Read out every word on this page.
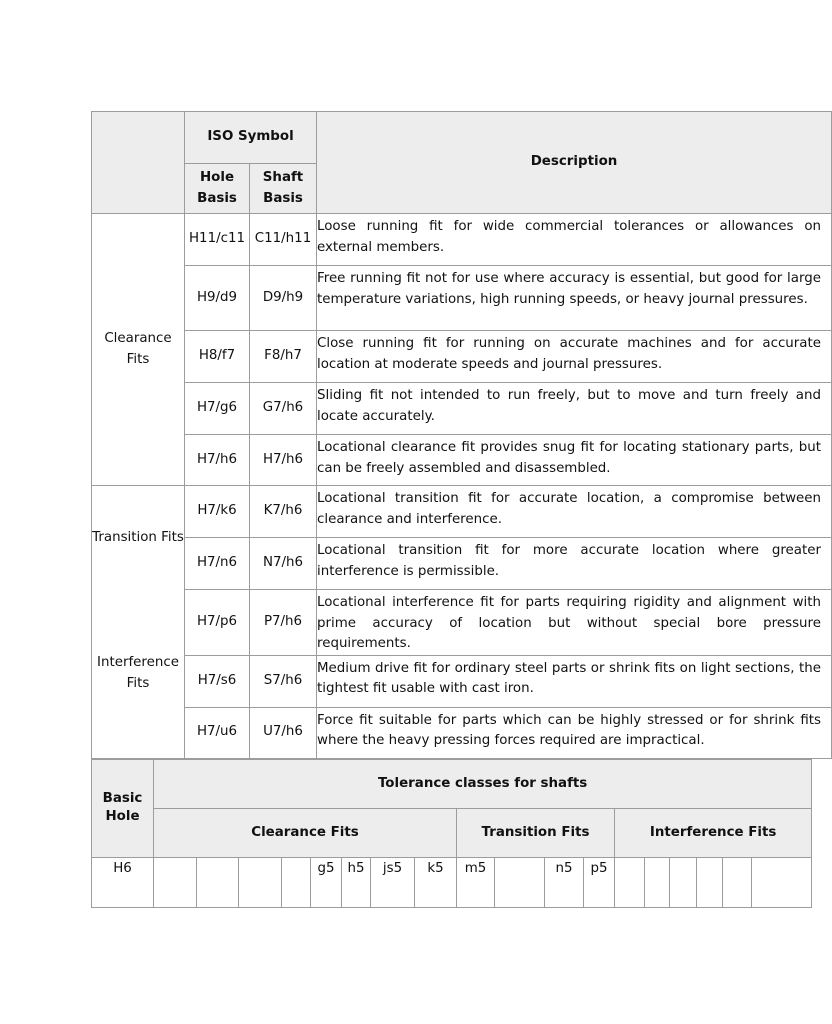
	ISO Symbol		Description
	Hole Basis	Shaft Basis	
Clearance Fits	H11/c11	C11/h11	Loose running fit for wide commercial tolerances or allowances on external members.

	H9/d9	D9/h9	Free running fit not for use where accuracy is essential, but good for large temperature variations, high running speeds, or heavy journal pressures.

	H8/f7	F8/h7	Close running fit for running on accurate machines and for accurate location at moderate speeds and journal pressures.

	H7/g6	G7/h6	Sliding fit not intended to run freely, but to move and turn freely and locate accurately.

	H7/h6	H7/h6	Locational clearance fit provides snug fit for locating stationary parts, but can be freely assembled and disassembled.

Transition Fits	H7/k6	K7/h6	Locational transition fit for accurate location, a compromise between clearance and interference.

	H7/n6	N7/h6	Locational transition fit for more accurate location where greater interference is permissible.

Interference Fits	H7/p6	P7/h6	Locational interference fit for parts requiring rigidity and alignment with prime accuracy of location but without special bore pressure requirements.

	H7/s6	S7/h6	Medium drive fit for ordinary steel parts or shrink fits on light sections, the tightest fit usable with cast iron.

	H7/u6	U7/h6	Force fit suitable for parts which can be highly stressed or for shrink fits where the heavy pressing forces required are impractical.
Basic Hole	Tolerance classes for shafts																	
	Clearance Fits								Transition Fits				Interference Fits					
H6					g5	h5	js5	k5	m5		n5	p5						
